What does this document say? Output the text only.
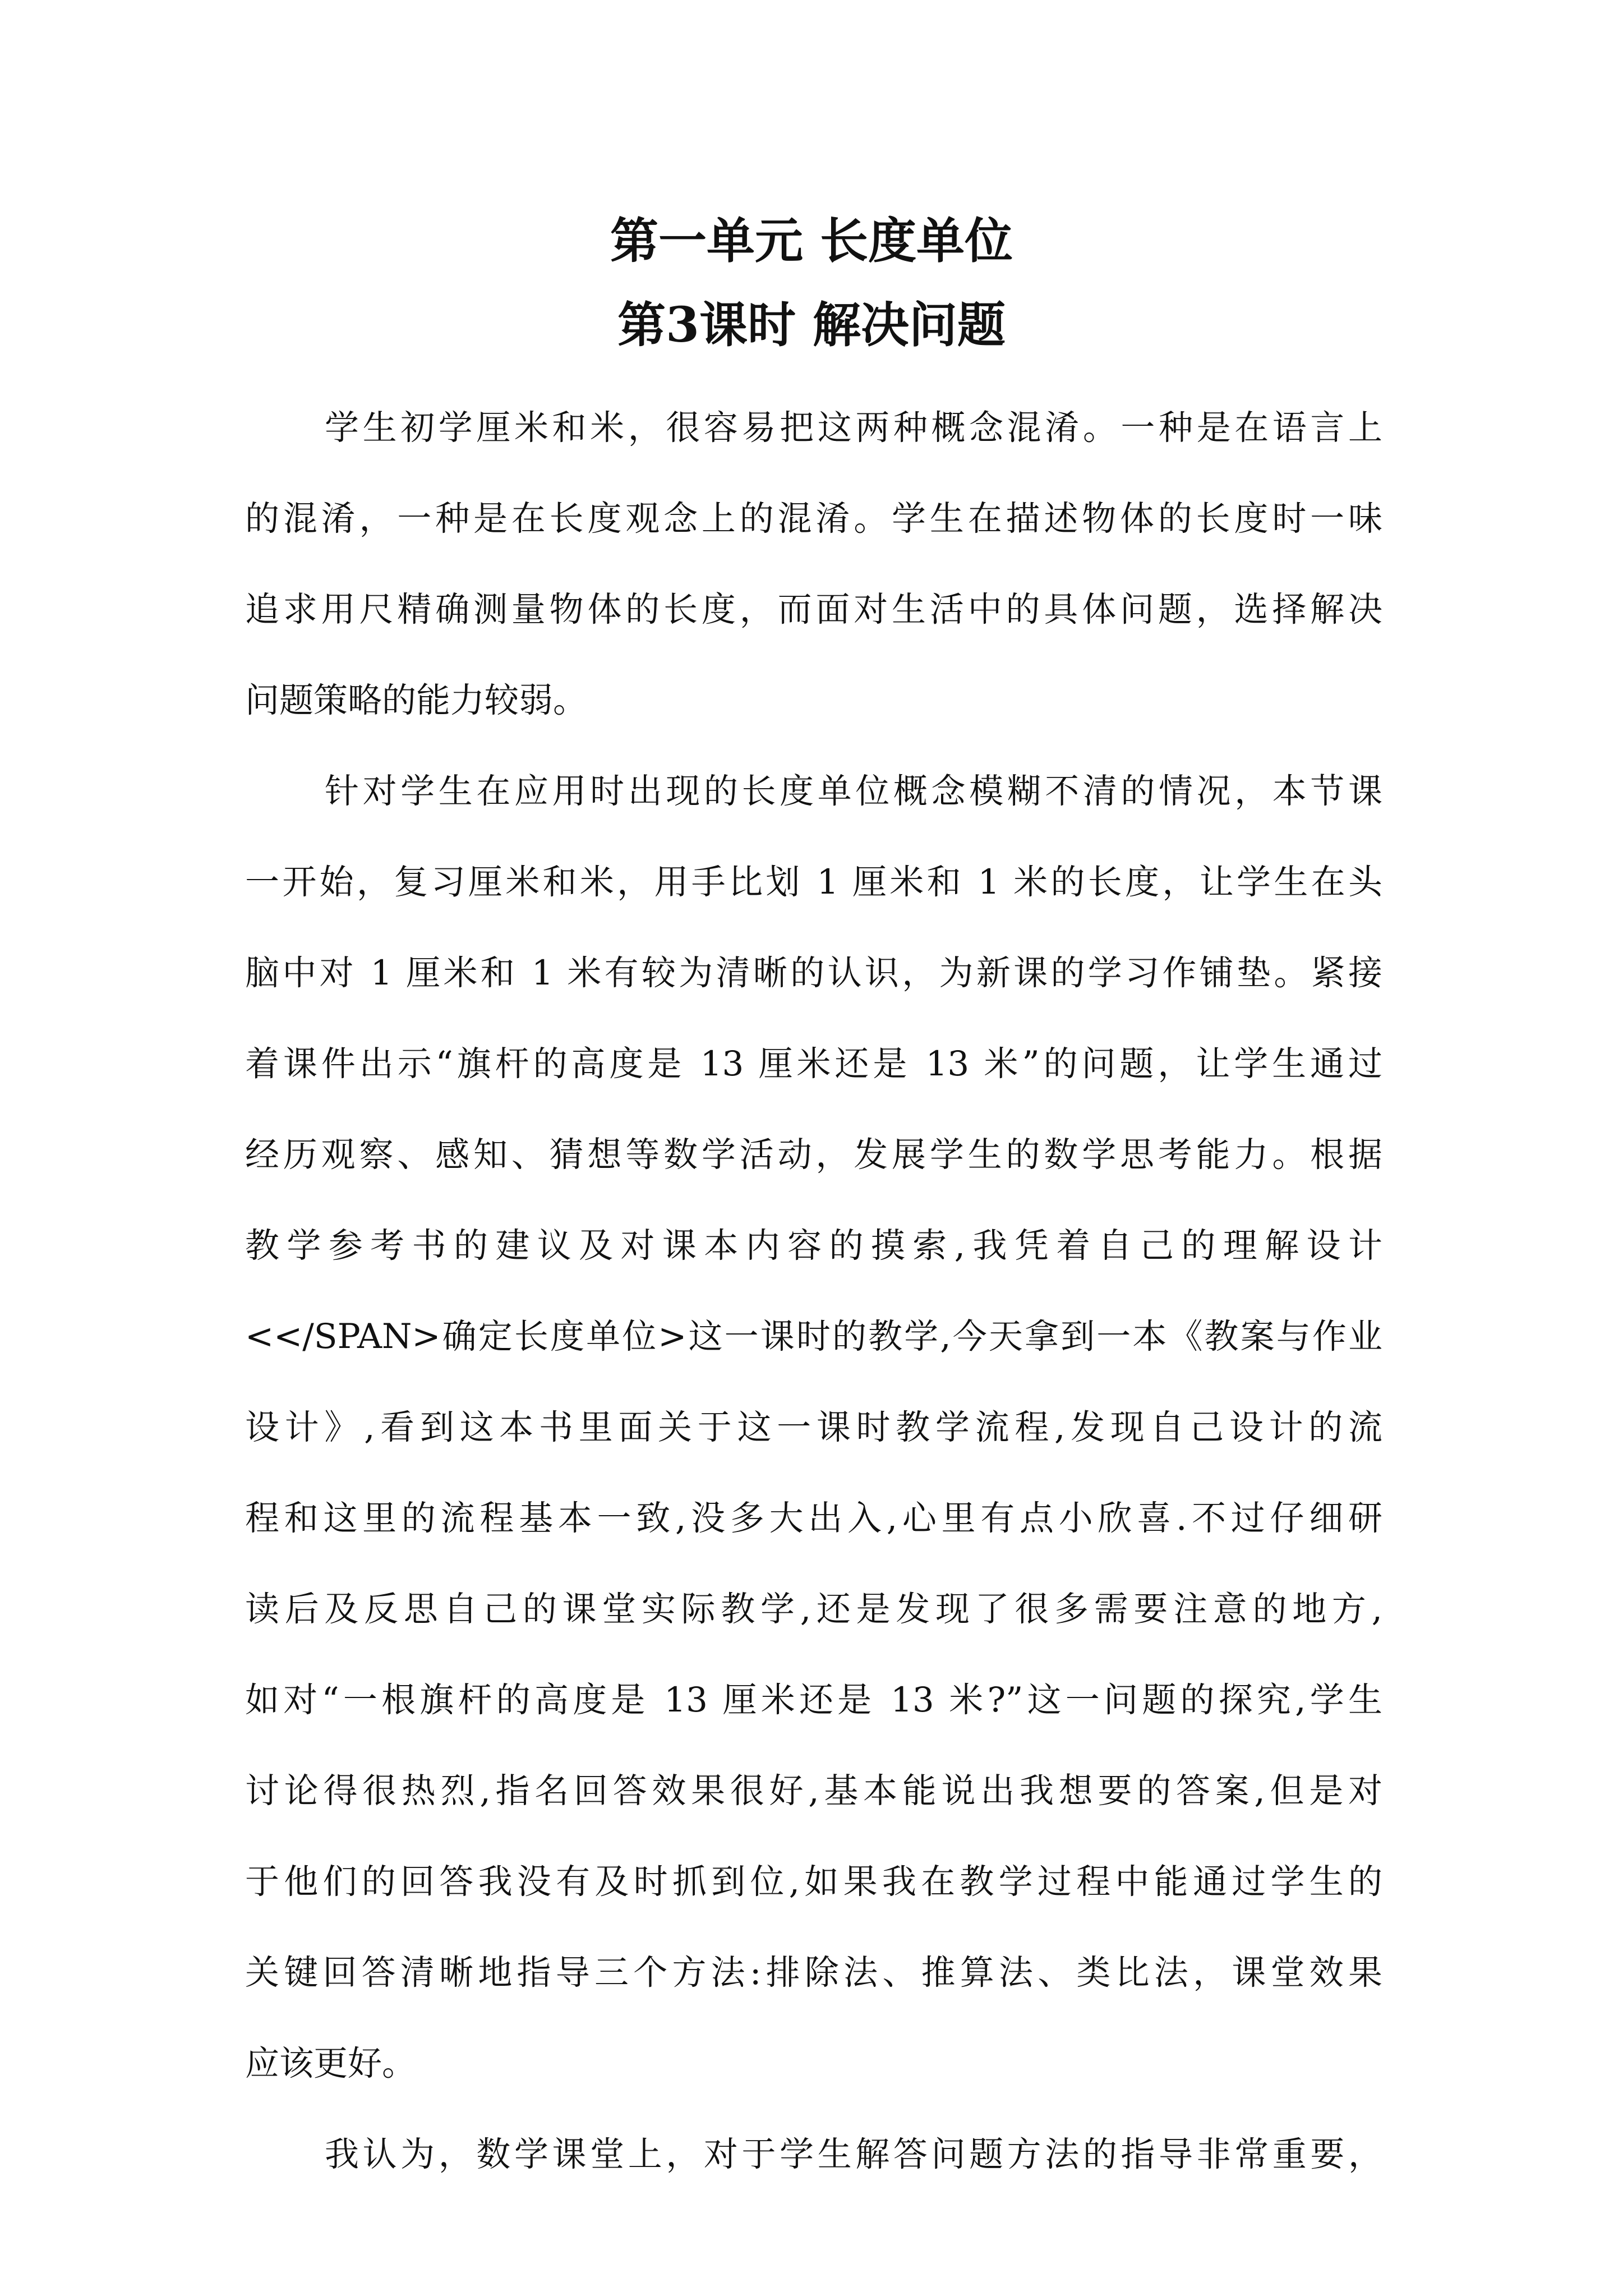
第一单元 长度单位
第3课时 解决问题
学生初学厘米和米，很容易把这两种概念混淆。一种是在语言上
的混淆，一种是在长度观念上的混淆。学生在描述物体的长度时一味
追求用尺精确测量物体的长度，而面对生活中的具体问题，选择解决
问题策略的能力较弱。
针对学生在应用时出现的长度单位概念模糊不清的情况，本节课
一开始，复习厘米和米，用手比划 1 厘米和 1 米的长度，让学生在头
脑中对 1 厘米和 1 米有较为清晰的认识，为新课的学习作铺垫。紧接
着课件出示“旗杆的高度是 13 厘米还是 13 米”的问题，让学生通过
经历观察、感知、猜想等数学活动，发展学生的数学思考能力。根据
教学参考书的建议及对课本内容的摸索,我凭着自己的理解设计
<</SPAN>确定长度单位>这一课时的教学,今天拿到一本《教案与作业
设计》,看到这本书里面关于这一课时教学流程,发现自己设计的流
程和这里的流程基本一致,没多大出入,心里有点小欣喜.不过仔细研
读后及反思自己的课堂实际教学,还是发现了很多需要注意的地方,
如对“一根旗杆的高度是 13 厘米还是 13 米?”这一问题的探究,学生
讨论得很热烈,指名回答效果很好,基本能说出我想要的答案,但是对
于他们的回答我没有及时抓到位,如果我在教学过程中能通过学生的
关键回答清晰地指导三个方法:排除法、推算法、类比法，课堂效果
应该更好。
我认为，数学课堂上，对于学生解答问题方法的指导非常重要，
